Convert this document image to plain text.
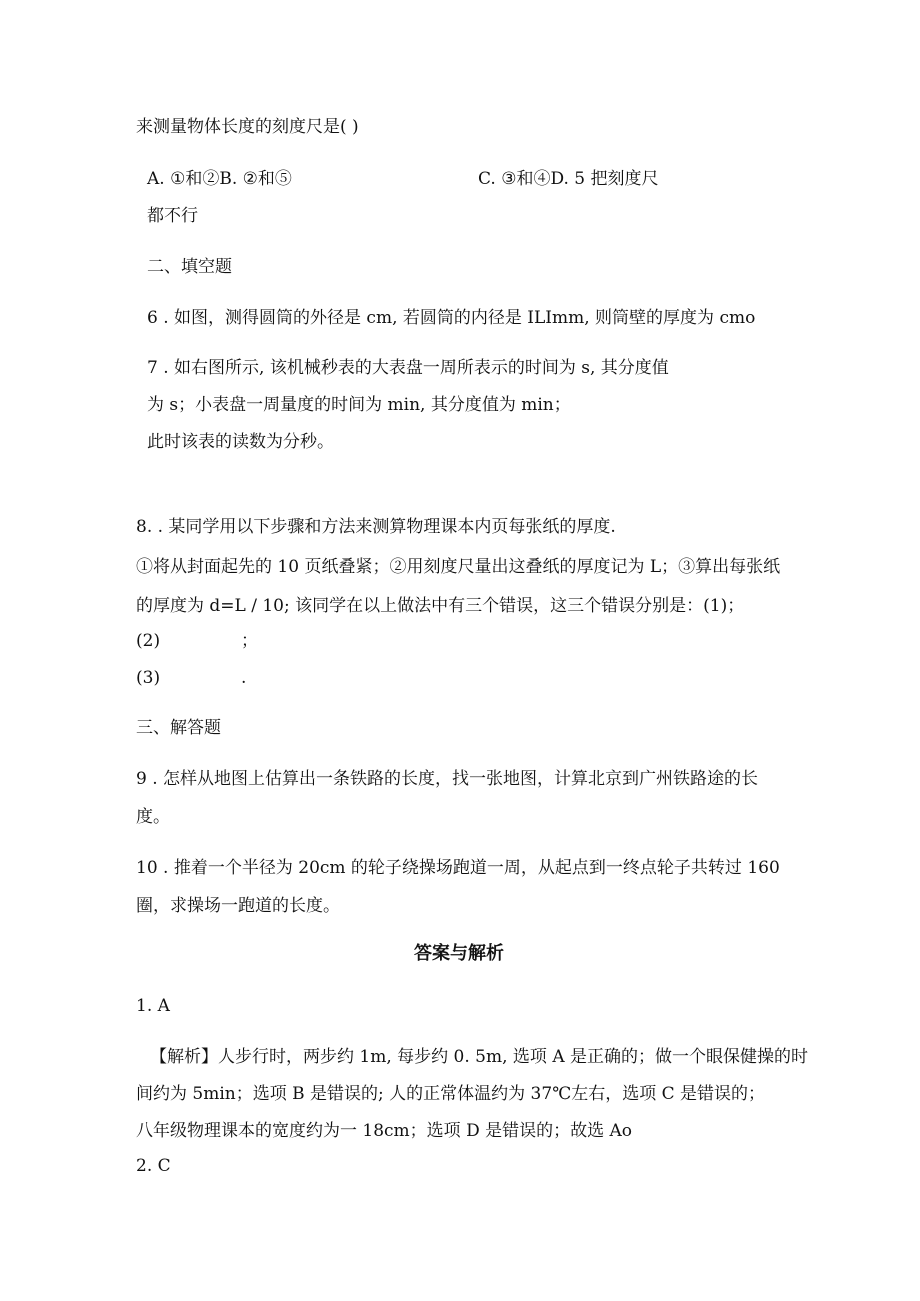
来测量物体长度的刻度尺是( )
A. ①和②B. ②和⑤	C. ③和④D. 5 把刻度尺
都不行
二、填空题
6 . 如图，测得圆筒的外径是 cm, 若圆筒的内径是 ILImm, 则筒壁的厚度为 cmo
7 . 如右图所示, 该机械秒表的大表盘一周所表示的时间为 s, 其分度值
为 s；小表盘一周量度的时间为 min, 其分度值为 min；
此时该表的读数为分秒。
8. . 某同学用以下步骤和方法来测算物理课本内页每张纸的厚度.
①将从封面起先的 10 页纸叠紧；②用刻度尺量出这叠纸的厚度记为 L；③算出每张纸
的厚度为 d=L / 10; 该同学在以上做法中有三个错误，这三个错误分别是：(1)；
(2)	；
(3)	.
三、解答题
9 . 怎样从地图上估算出一条铁路的长度，找一张地图，计算北京到广州铁路途的长
度。
10 . 推着一个半径为 20cm 的轮子绕操场跑道一周，从起点到一终点轮子共转过 160
圈，求操场一跑道的长度。
答案与解析
1. A
【解析】人步行时，两步约 1m, 每步约 0. 5m, 选项 A 是正确的；做一个眼保健操的时
间约为 5min；选项 B 是错误的; 人的正常体温约为 37℃左右，选项 C 是错误的；
八年级物理课本的宽度约为一 18cm；选项 D 是错误的；故选 Ao
2. C
